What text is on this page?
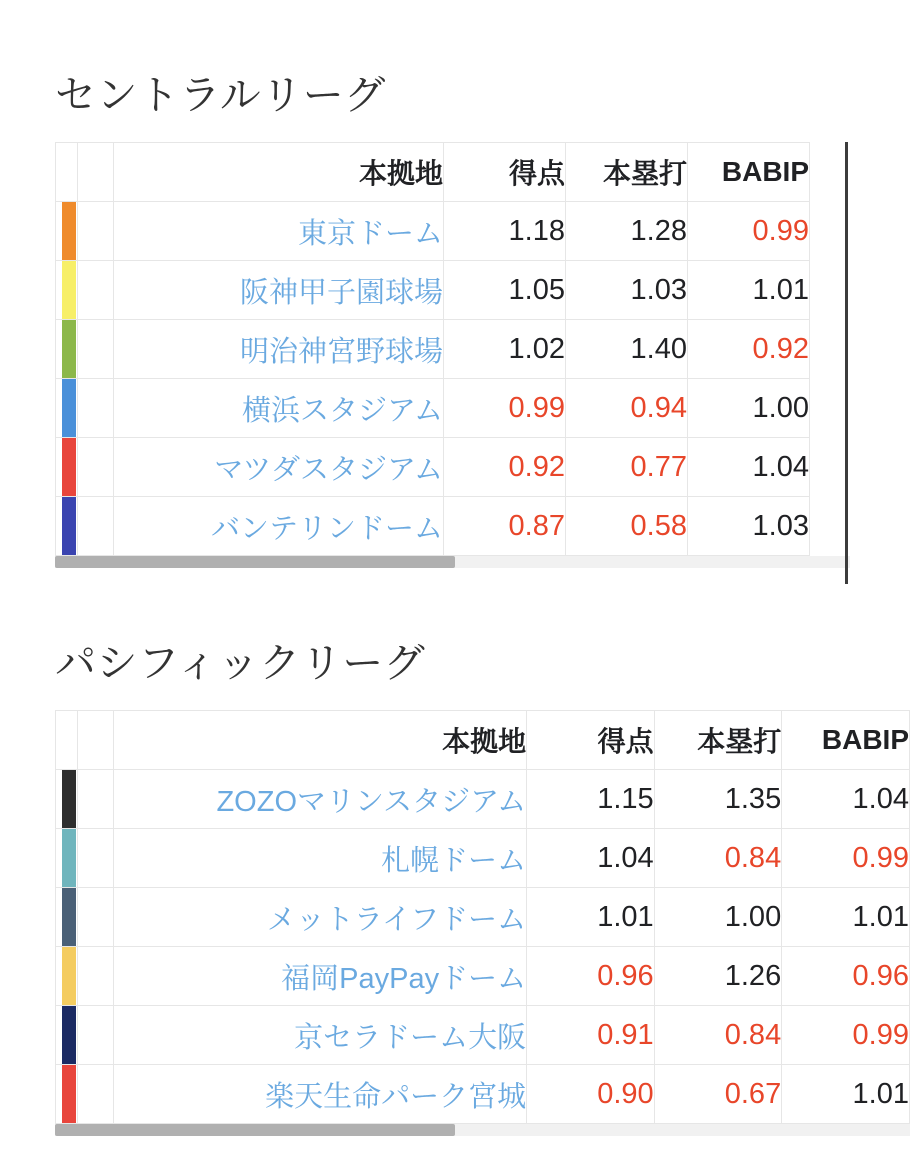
セントラルリーグ
		本拠地	得点	本塁打	BABIP

		東京ドーム	1.18	1.28	0.99

		阪神甲子園球場	1.05	1.03	1.01

		明治神宮野球場	1.02	1.40	0.92

		横浜スタジアム	0.99	0.94	1.00

		マツダスタジアム	0.92	0.77	1.04

		バンテリンドーム	0.87	0.58	1.03
パシフィックリーグ
		本拠地	得点	本塁打	BABIP

		ZOZOマリンスタジアム	1.15	1.35	1.04

		札幌ドーム	1.04	0.84	0.99

		メットライフドーム	1.01	1.00	1.01

		福岡PayPayドーム	0.96	1.26	0.96

		京セラドーム大阪	0.91	0.84	0.99

		楽天生命パーク宮城	0.90	0.67	1.01
